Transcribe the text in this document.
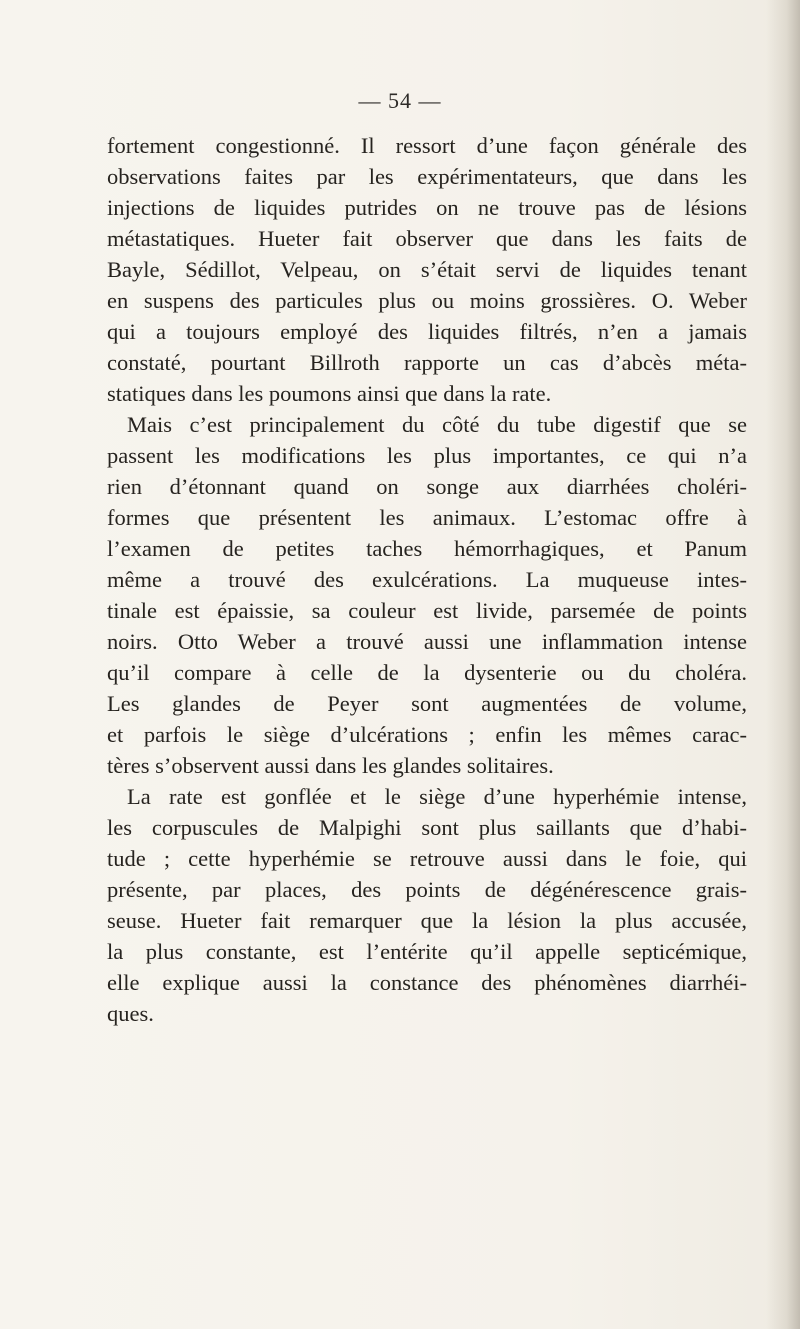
— 54 —
fortement congestionné. Il ressort d’une façon générale des
observations faites par les expérimentateurs, que dans les
injections de liquides putrides on ne trouve pas de lésions
métastatiques. Hueter fait observer que dans les faits de
Bayle, Sédillot, Velpeau, on s’était servi de liquides tenant
en suspens des particules plus ou moins grossières. O. Weber
qui a toujours employé des liquides filtrés, n’en a jamais
constaté, pourtant Billroth rapporte un cas d’abcès méta-
statiques dans les poumons ainsi que dans la rate.
Mais c’est principalement du côté du tube digestif que se
passent les modifications les plus importantes, ce qui n’a
rien d’étonnant quand on songe aux diarrhées choléri-
formes que présentent les animaux. L’estomac offre à
l’examen de petites taches hémorrhagiques, et Panum
même a trouvé des exulcérations. La muqueuse intes-
tinale est épaissie, sa couleur est livide, parsemée de points
noirs. Otto Weber a trouvé aussi une inflammation intense
qu’il compare à celle de la dysenterie ou du choléra.
Les glandes de Peyer sont augmentées de volume,
et parfois le siège d’ulcérations ; enfin les mêmes carac-
tères s’observent aussi dans les glandes solitaires.
La rate est gonflée et le siège d’une hyperhémie intense,
les corpuscules de Malpighi sont plus saillants que d’habi-
tude ; cette hyperhémie se retrouve aussi dans le foie, qui
présente, par places, des points de dégénérescence grais-
seuse. Hueter fait remarquer que la lésion la plus accusée,
la plus constante, est l’entérite qu’il appelle septicémique,
elle explique aussi la constance des phénomènes diarrhéi-
ques.
